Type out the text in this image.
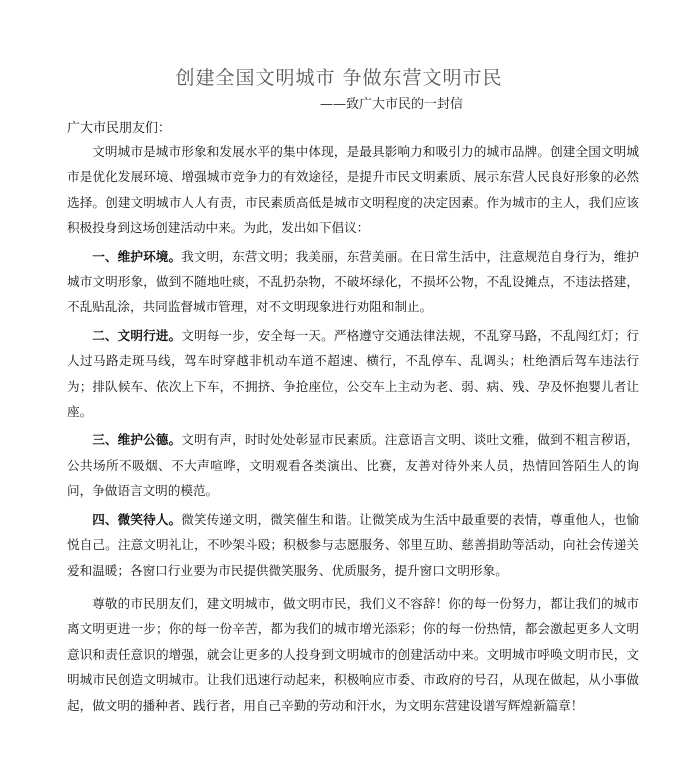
创建全国文明城市 争做东营文明市民
——致广大市民的一封信
广大市民朋友们：

文明城市是城市形象和发展水平的集中体现，是最具影响力和吸引力的城市品牌。创建全国文明城市是优化发展环境、增强城市竞争力的有效途径，是提升市民文明素质、展示东营人民良好形象的必然选择。创建文明城市人人有责，市民素质高低是城市文明程度的决定因素。作为城市的主人，我们应该积极投身到这场创建活动中来。为此，发出如下倡议：

一、维护环境。我文明，东营文明；我美丽，东营美丽。在日常生活中，注意规范自身行为，维护城市文明形象，做到不随地吐痰，不乱扔杂物，不破坏绿化，不损坏公物，不乱设摊点，不违法搭建，不乱贴乱涂，共同监督城市管理，对不文明现象进行劝阻和制止。

二、文明行进。文明每一步，安全每一天。严格遵守交通法律法规，不乱穿马路，不乱闯红灯；行人过马路走斑马线，驾车时穿越非机动车道不超速、横行，不乱停车、乱调头；杜绝酒后驾车违法行为；排队候车、依次上下车，不拥挤、争抢座位，公交车上主动为老、弱、病、残、孕及怀抱婴儿者让座。

三、维护公德。文明有声，时时处处彰显市民素质。注意语言文明、谈吐文雅，做到不粗言秽语，公共场所不吸烟、不大声喧哗，文明观看各类演出、比赛，友善对待外来人员，热情回答陌生人的询问，争做语言文明的模范。

四、微笑待人。微笑传递文明，微笑催生和谐。让微笑成为生活中最重要的表情，尊重他人，也愉悦自己。注意文明礼让，不吵架斗殴；积极参与志愿服务、邻里互助、慈善捐助等活动，向社会传递关爱和温暖；各窗口行业要为市民提供微笑服务、优质服务，提升窗口文明形象。

尊敬的市民朋友们，建文明城市，做文明市民，我们义不容辞！你的每一份努力，都让我们的城市离文明更进一步；你的每一份辛苦，都为我们的城市增光添彩；你的每一份热情，都会激起更多人文明意识和责任意识的增强，就会让更多的人投身到文明城市的创建活动中来。文明城市呼唤文明市民，文明城市民创造文明城市。让我们迅速行动起来，积极响应市委、市政府的号召，从现在做起，从小事做起，做文明的播种者、践行者，用自己辛勤的劳动和汗水，为文明东营建设谱写辉煌新篇章！
